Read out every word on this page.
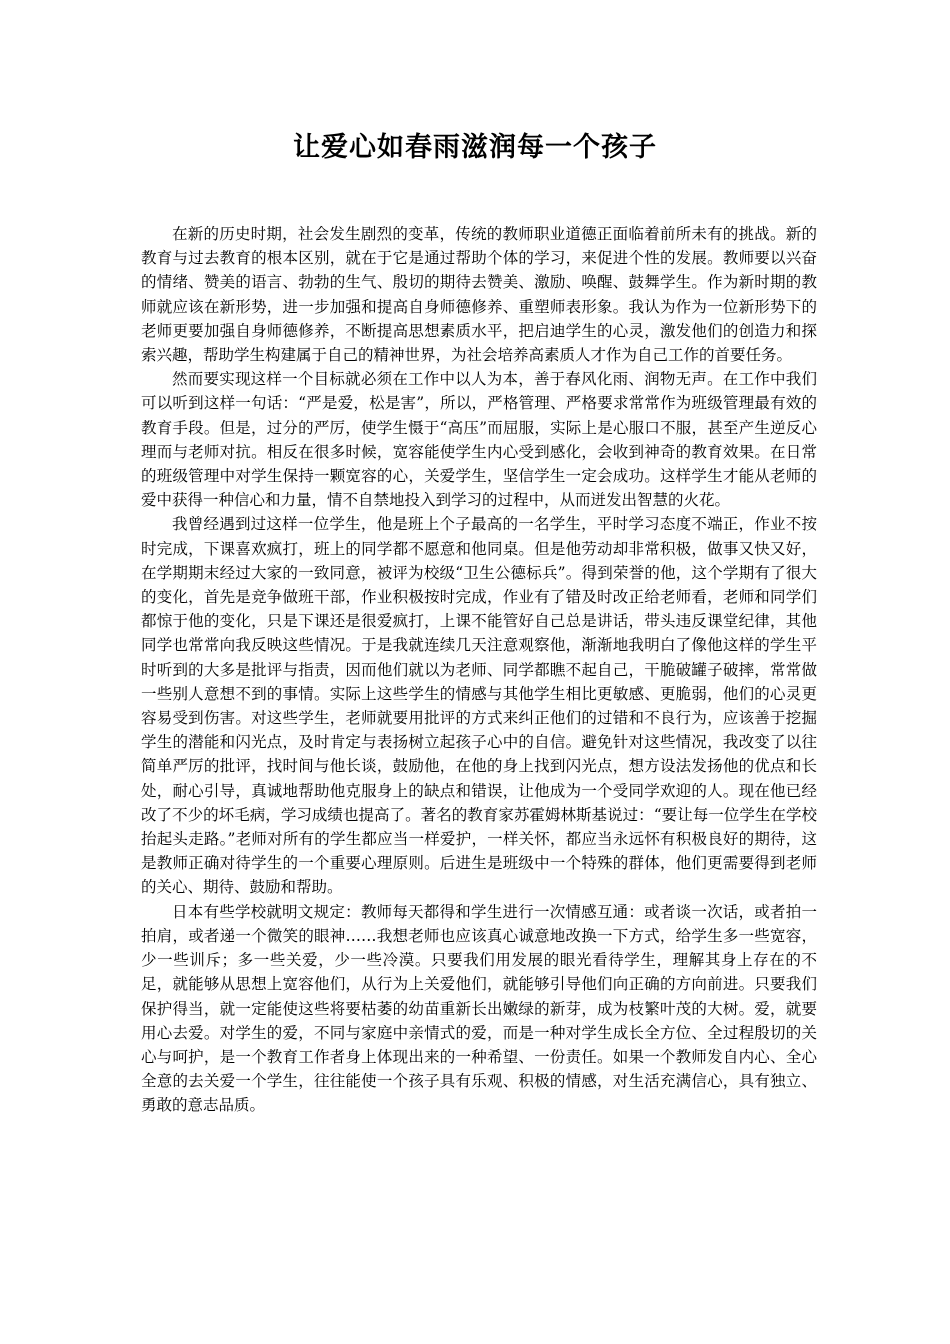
让爱心如春雨滋润每一个孩子

在新的历史时期，社会发生剧烈的变革，传统的教师职业道德正面临着前所未有的挑战。新的教育与过去教育的根本区别，就在于它是通过帮助个体的学习，来促进个性的发展。教师要以兴奋的情绪、赞美的语言、勃勃的生气、殷切的期待去赞美、激励、唤醒、鼓舞学生。作为新时期的教师就应该在新形势，进一步加强和提高自身师德修养、重塑师表形象。我认为作为一位新形势下的老师更要加强自身师德修养，不断提高思想素质水平，把启迪学生的心灵，激发他们的创造力和探索兴趣，帮助学生构建属于自己的精神世界，为社会培养高素质人才作为自己工作的首要任务。

然而要实现这样一个目标就必须在工作中以人为本，善于春风化雨、润物无声。在工作中我们可以听到这样一句话：“严是爱，松是害”，所以，严格管理、严格要求常常作为班级管理最有效的教育手段。但是，过分的严厉，使学生慑于“高压”而屈服，实际上是心服口不服，甚至产生逆反心理而与老师对抗。相反在很多时候，宽容能使学生内心受到感化，会收到神奇的教育效果。在日常的班级管理中对学生保持一颗宽容的心，关爱学生，坚信学生一定会成功。这样学生才能从老师的爱中获得一种信心和力量，情不自禁地投入到学习的过程中，从而迸发出智慧的火花。

我曾经遇到过这样一位学生，他是班上个子最高的一名学生，平时学习态度不端正，作业不按时完成，下课喜欢疯打，班上的同学都不愿意和他同桌。但是他劳动却非常积极，做事又快又好，在学期期末经过大家的一致同意，被评为校级“卫生公德标兵”。得到荣誉的他，这个学期有了很大的变化，首先是竞争做班干部，作业积极按时完成，作业有了错及时改正给老师看，老师和同学们都惊于他的变化，只是下课还是很爱疯打，上课不能管好自己总是讲话，带头违反课堂纪律，其他同学也常常向我反映这些情况。于是我就连续几天注意观察他，渐渐地我明白了像他这样的学生平时听到的大多是批评与指责，因而他们就以为老师、同学都瞧不起自己，干脆破罐子破摔，常常做一些别人意想不到的事情。实际上这些学生的情感与其他学生相比更敏感、更脆弱，他们的心灵更容易受到伤害。对这些学生，老师就要用批评的方式来纠正他们的过错和不良行为，应该善于挖掘学生的潜能和闪光点，及时肯定与表扬树立起孩子心中的自信。避免针对这些情况，我改变了以往简单严厉的批评，找时间与他长谈，鼓励他，在他的身上找到闪光点，想方设法发扬他的优点和长处，耐心引导，真诚地帮助他克服身上的缺点和错误，让他成为一个受同学欢迎的人。现在他已经改了不少的坏毛病，学习成绩也提高了。著名的教育家苏霍姆林斯基说过：“要让每一位学生在学校抬起头走路。”老师对所有的学生都应当一样爱护，一样关怀，都应当永远怀有积极良好的期待，这是教师正确对待学生的一个重要心理原则。后进生是班级中一个特殊的群体，他们更需要得到老师的关心、期待、鼓励和帮助。

日本有些学校就明文规定：教师每天都得和学生进行一次情感互通：或者谈一次话，或者拍一拍肩，或者递一个微笑的眼神……我想老师也应该真心诚意地改换一下方式，给学生多一些宽容，少一些训斥；多一些关爱，少一些冷漠。只要我们用发展的眼光看待学生，理解其身上存在的不足，就能够从思想上宽容他们，从行为上关爱他们，就能够引导他们向正确的方向前进。只要我们保护得当，就一定能使这些将要枯萎的幼苗重新长出嫩绿的新芽，成为枝繁叶茂的大树。爱，就要用心去爱。对学生的爱，不同与家庭中亲情式的爱，而是一种对学生成长全方位、全过程殷切的关心与呵护，是一个教育工作者身上体现出来的一种希望、一份责任。如果一个教师发自内心、全心全意的去关爱一个学生，往往能使一个孩子具有乐观、积极的情感，对生活充满信心，具有独立、勇敢的意志品质。
